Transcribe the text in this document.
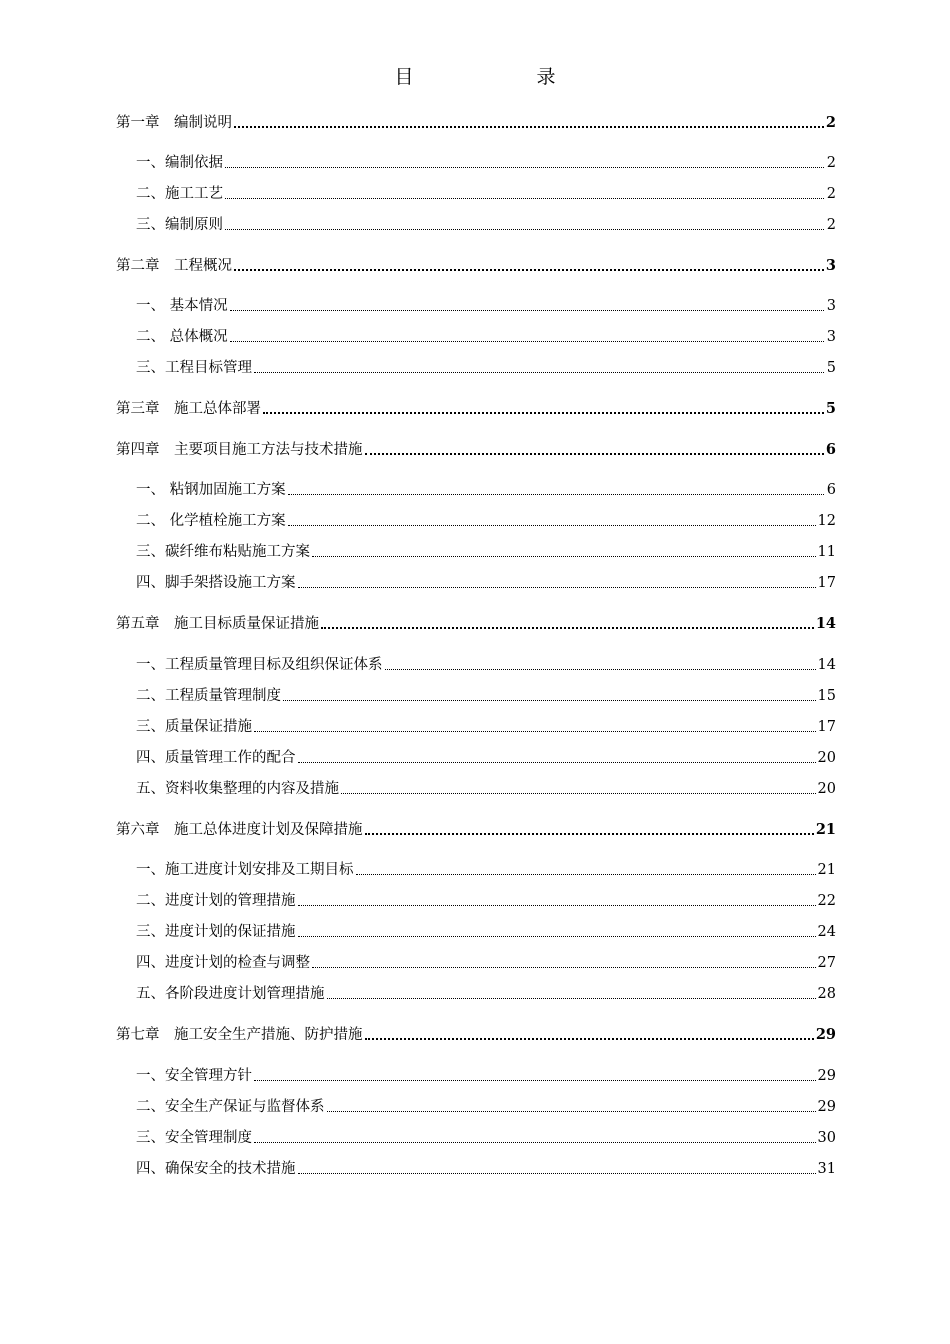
目　录
第一章　编制说明	2
一、编制依据	2
二、施工工艺	2
三、编制原则	2
第二章　工程概况	3
一、 基本情况	3
二、 总体概况	3
三、工程目标管理	5
第三章　施工总体部署	5
第四章　主要项目施工方法与技术措施	6
一、 粘钢加固施工方案	6
二、 化学植栓施工方案	12
三、碳纤维布粘贴施工方案	11
四、脚手架搭设施工方案	17
第五章　施工目标质量保证措施	14
一、工程质量管理目标及组织保证体系	14
二、工程质量管理制度	15
三、质量保证措施	17
四、质量管理工作的配合	20
五、资料收集整理的内容及措施	20
第六章　施工总体进度计划及保障措施	21
一、施工进度计划安排及工期目标	21
二、进度计划的管理措施	22
三、进度计划的保证措施	24
四、进度计划的检查与调整	27
五、各阶段进度计划管理措施	28
第七章　施工安全生产措施、防护措施	29
一、安全管理方针	29
二、安全生产保证与监督体系	29
三、安全管理制度	30
四、确保安全的技术措施	31
